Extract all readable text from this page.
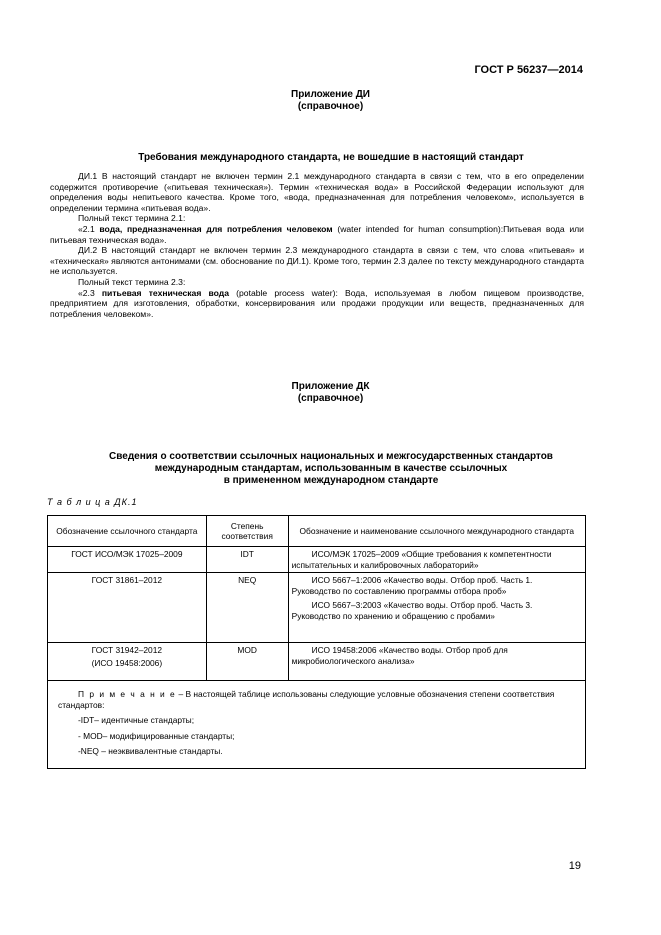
ГОСТ Р 56237—2014
Приложение ДИ
(справочное)
Требования международного стандарта, не вошедшие в настоящий стандарт

ДИ.1 В настоящий стандарт не включен термин 2.1 международного стандарта в связи с тем, что в его определении содержится противоречие («питьевая техническая»). Термин «техническая вода» в Российской Федерации используют для определения воды непитьевого качества. Кроме того, «вода, предназначенная для потребления человеком», используется в определении термина «питьевая вода».

Полный текст термина 2.1:

«2.1 вода, предназначенная для потребления человеком (water intended for human consumption):Питьевая вода или питьевая техническая вода».

ДИ.2 В настоящий стандарт не включен термин 2.3 международного стандарта в связи с тем, что слова «питьевая» и «техническая» являются антонимами (см. обоснование по ДИ.1). Кроме того, термин 2.3 далее по тексту международного стандарта не используется.

Полный текст термина 2.3:

«2.3 питьевая техническая вода (potable process water): Вода, используемая в любом пищевом производстве, предприятием для изготовления, обработки, консервирования или продажи продукции или веществ, предназначенных для потребления человеком».

Приложение ДК
(справочное)
Сведения о соответствии ссылочных национальных и межгосударственных стандартов
международным стандартам, использованным в качестве ссылочных
в примененном международном стандарте
Т а б л и ц а ДК.1
Обозначение ссылочного стандарта	Степень соответствия	Обозначение и наименование ссылочного международного стандарта
ГОСТ ИСО/МЭК 17025–2009	IDT	ИСО/МЭК 17025–2009 «Общие требования к компетентности испытательных и калибровочных лабораторий»

ГОСТ 31861–2012	NEQ	ИСО 5667–1:2006 «Качество воды. Отбор проб. Часть 1. Руководство по составлению программы отбора проб»

ИСО 5667–3:2003 «Качество воды. Отбор проб. Часть 3. Руководство по хранению и обращению с пробами»

ГОСТ 31942–2012
(ИСО 19458:2006)	MOD	ИСО 19458:2006 «Качество воды. Отбор проб для микробиологического анализа»

П р и м е ч а н и е – В настоящей таблице использованы следующие условные обозначения степени соответствия стандартов:

-IDT– идентичные стандарты;

- MOD– модифицированные стандарты;

-NEQ – неэквивалентные стандарты.		

19
